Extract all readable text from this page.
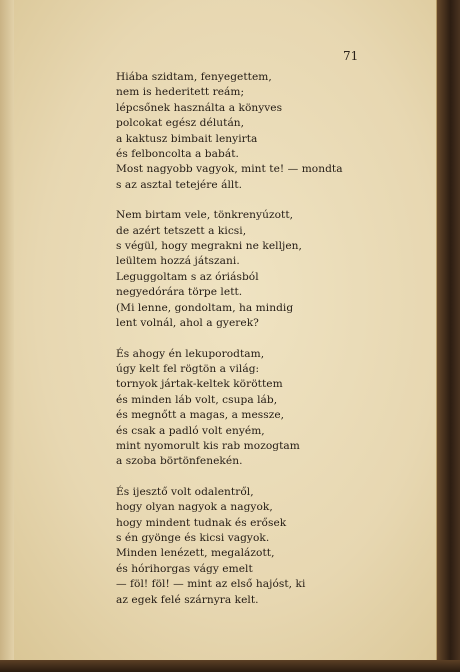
71
Hiába szidtam, fenyegettem,
nem is hederitett reám;
lépcsőnek használta a könyves
polcokat egész délután,
a kaktusz bimbait lenyirta
és felboncolta a babát.
Most nagyobb vagyok, mint te! — mondta
s az asztal tetejére állt.
Nem birtam vele, tönkrenyúzott,
de azért tetszett a kicsi,
s végül, hogy megrakni ne kelljen,
leültem hozzá játszani.
Leguggoltam s az óriásból
negyedórára törpe lett.
(Mi lenne, gondoltam, ha mindig
lent volnál, ahol a gyerek?
És ahogy én lekuporodtam,
úgy kelt fel rögtön a világ:
tornyok jártak-keltek köröttem
és minden láb volt, csupa láb,
és megnőtt a magas, a messze,
és csak a padló volt enyém,
mint nyomorult kis rab mozogtam
a szoba börtönfenekén.
És ijesztő volt odalentről,
hogy olyan nagyok a nagyok,
hogy mindent tudnak és erősek
s én gyönge és kicsi vagyok.
Minden lenézett, megalázott,
és hórihorgas vágy emelt
— föl! föl! — mint az első hajóst, ki
az egek felé szárnyra kelt.
